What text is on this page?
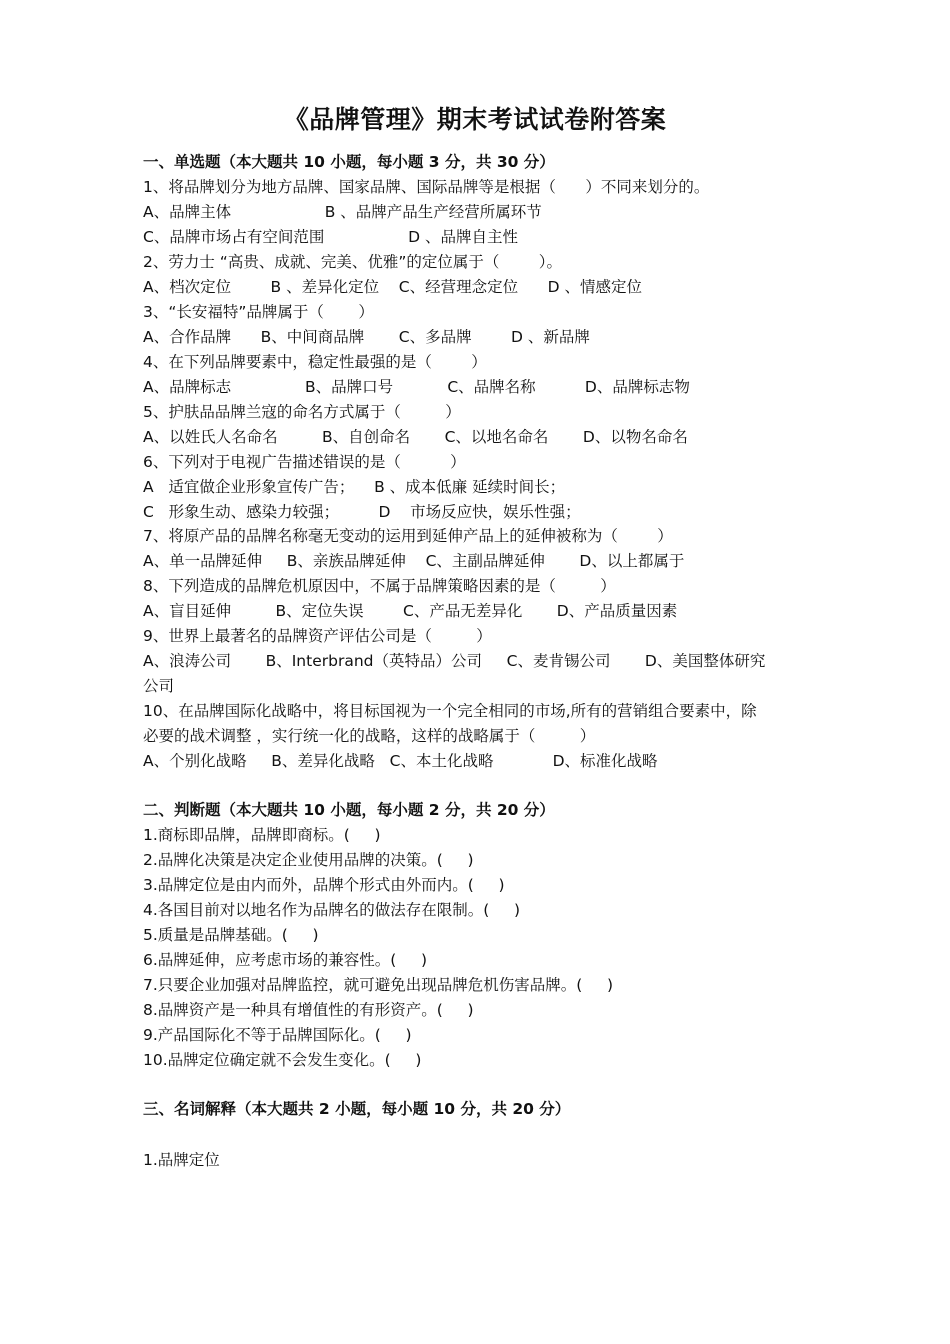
《品牌管理》期末考试试卷附答案
一、单选题（本大题共 10 小题，每小题 3 分，共 30 分）
1、将品牌划分为地方品牌、国家品牌、国际品牌等是根据（      ）不同来划分的。
A、品牌主体                   B 、品牌产品生产经营所属环节
C、品牌市场占有空间范围                 D 、品牌自主性
2、劳力士 “高贵、成就、完美、优雅”的定位属于（        ）。
A、档次定位        B 、差异化定位    C、经营理念定位      D 、情感定位
3、“长安福特”品牌属于（       ）
A、合作品牌      B、中间商品牌       C、多品牌        D 、新品牌
4、在下列品牌要素中，稳定性最强的是（        ）
A、品牌标志               B、品牌口号           C、品牌名称          D、品牌标志物
5、护肤品品牌兰寇的命名方式属于（         ）
A、以姓氏人名命名         B、自创命名       C、以地名命名       D、以物名命名
6、下列对于电视广告描述错误的是（          ）
A   适宜做企业形象宣传广告；    B 、成本低廉 延续时间长；
C   形象生动、感染力较强；        D    市场反应快，娱乐性强；
7、将原产品的品牌名称毫无变动的运用到延伸产品上的延伸被称为（        ）
A、单一品牌延伸     B、亲族品牌延伸    C、主副品牌延伸       D、以上都属于
8、下列造成的品牌危机原因中，不属于品牌策略因素的是（         ）
A、盲目延伸         B、定位失误        C、产品无差异化       D、产品质量因素
9、世界上最著名的品牌资产评估公司是（         ）
A、浪涛公司       B、Interbrand（英特品）公司     C、麦肯锡公司       D、美国整体研究
公司
10、在品牌国际化战略中，将目标国视为一个完全相同的市场,所有的营销组合要素中，除
必要的战术调整 ，实行统一化的战略，这样的战略属于（         ）
A、个别化战略     B、差异化战略   C、本土化战略            D、标准化战略
二、判断题（本大题共 10 小题，每小题 2 分，共 20 分）
1.商标即品牌，品牌即商标。(     )
2.品牌化决策是决定企业使用品牌的决策。(     )
3.品牌定位是由内而外，品牌个形式由外而内。(     )
4.各国目前对以地名作为品牌名的做法存在限制。(     )
5.质量是品牌基础。(     )
6.品牌延伸，应考虑市场的兼容性。(     )
7.只要企业加强对品牌监控，就可避免出现品牌危机伤害品牌。(     )
8.品牌资产是一种具有增值性的有形资产。(     )
9.产品国际化不等于品牌国际化。(     )
10.品牌定位确定就不会发生变化。(     )
三、名词解释（本大题共 2 小题，每小题 10 分，共 20 分）
1.品牌定位
